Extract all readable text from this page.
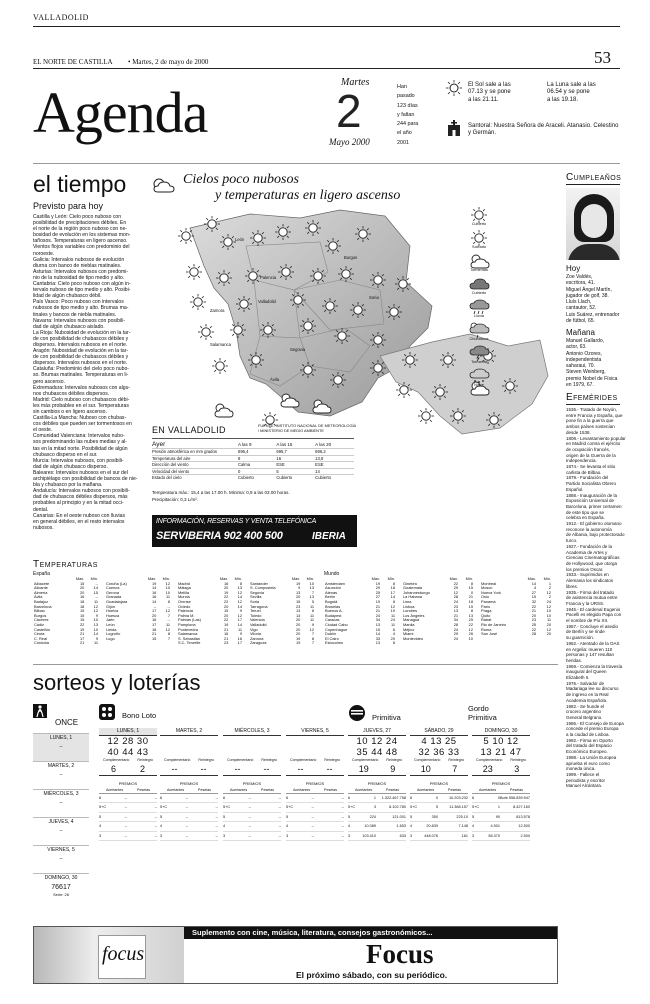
VALLADOLID
EL NORTE DE CASTILLA • Martes, 2 de mayo de 2000	53
Agenda	Martes
2
Mayo 2000
Han
pasado
123 días
y faltan
244 para
el año
2001
El Sol sale a las
07.13 y se pone
a las 21.11.
La Luna sale a las
06.54 y se pone
a las 19.18.
Santoral: Nuestra Señora de Araceli. Atanasio. Celestino
y Germán.
el tiempo
Previsto para hoy
Castilla y León: Cielo poco nuboso con
posibilidad de precipitaciones débiles. En
el norte de la región poco nuboso con ne-
bosidad de evolución en los sistemas mon-
tañosos. Temperaturas en ligero ascenso.
Vientos flojos variables con predominio del
noroeste.
Galicia: Intervalos nubosos de evolución
diurna con banco de nieblas matinales.
Asturias: Intervalos nubosos con predomi-
nio de la nubosidad de tipo medio y alto.
Cantabria: Cielo poco nuboso con algún in-
tervalo nuboso de tipo medio y alto. Posibi-
lidad de algún chubasco débil.
País Vasco: Poco nuboso con intervalos
nubosos de tipo medio y alto. Brumas ma-
tinales y bancos de niebla matinales.
Navarra: Intervalos nubosos con posibili-
dad de algún chubasco aislado.
La Rioja: Nubosidad de evolución en la tar-
de con posibilidad de chubascos débiles y
dispersos. Intervalos nubosos en el norte.
Aragón: Nubosidad de evolución en la tar-
de con posibilidad de chubascos débiles y
dispersos. Intervalos nubosos en el norte.
Cataluña: Predominio del cielo poco nubo-
so. Brumas matinales. Temperaturas en li-
gero ascenso.
Extremadura: Intervalos nubosos con algu-
nos chubascos débiles dispersos.
Madrid: Cielo nuboso con chubascos débi-
les más probables en el sur. Temperaturas
sin cambios o en ligero ascenso.
Castilla-La Mancha: Nuboso con chubas-
cos débiles que pueden ser tormentosos en
el oeste.
Comunidad Valenciana: Intervalos nubo-
sos predominando las nubes medias y al-
tas en la mitad norte. Posibilidad de algún
chubasco disperso en el sur.
Murcia: Intervalos nubosos, con posibili-
dad de algún chubasco disperso.
Baleares: Intervalos nubosos en el sur del
archipiélago con posibilidad de bancos de nie-
bla y chubasco por la mañana.
Andalucía: Intervalos nubosos con posibili-
dad de chubascos débiles dispersos, más
probables al principio y en la mitad occi-
dental.
Canarias: En el oeste nuboso con lluvias
en general débiles, en el resto intervalos
nubosos.
Cielos poco nubosos
y temperaturas en ligero ascenso
León
Burgos
Palencia
Soria
Valladolid
Zamora
Salamanca
Segovia
Ávila
Cubierto
Soleado
Tormentas
Cubierto
Lluvia
Chubascos
Tormenta
Nieve
EN VALLADOLID	FUENTE: INSTITUTO NACIONAL DE METEOROLOGÍA / MINISTERIO DE MEDIO AMBIENTE
Ayer	A las 9	A las 15	A las 20
Presión atmosférica en mm grados	696,4	695,7	696,2
Temperatura del aire	8	16	13,8
Dirección del viento	Calma	ESE	ESE
Velocidad del viento	0	5	14
Estado del cielo	Cubierto	Cubierto	Cubierto
Temperatura máx.: 15,4 a las 17.00 h. Mínima: 0,9 a las 03.00 horas.
Precipitación: 0,3 L/m².
INFORMACIÓN, RESERVAS Y VENTA TELEFÓNICA
SERVIBERIA 902 400 500	IBERIA
Temperaturas
España	Mundo
	Max.	Min.
Albacete	15	--
Alicante	20	14
Almería	20	15
Ávila	16	--
Badajoz	18	11
Barcelona	18	12
Bilbao	19	12
Burgos	15	9
Cáceres	15	10
Cádiz	22	13
Castellón	19	10
Ceuta	21	14
C. Real	17	9
Córdoba	21	11
	Max.	Min.
Coruña (La)	19	12
Cuenca	14	10
Gerona	16	10
Granada	16	11
Guadalajara	14	8
Gijón	--	--
Huelva	17	12
Huesca	20	7
Jaén	16	--
León	17	11
Lleida	18	12
Logroño	21	8
Lugo	15	7
	Max.	Min.
Madrid	16	8
Málaga	20	13
Melilla	19	12
Murcia	22	14
Orense	22	12
Oviedo	20	14
Palencia	15	9
Palma M.	20	12
Palmas (Las)	22	17
Pamplona	19	14
Pontevedra	21	11
Salamanca	16	9
S. Sebastián	21	16
S.C. Tenerife	23	17
	Max.	Min.
Santander	19	10
S. Compostela	9	13
Segovia	13	7
Sevilla	20	13
Soria	15	5
Tarragona	23	11
Teruel	13	8
Toledo	13	11
Valencia	20	11
Valladolid	20	9
Vigo	20	12
Vitoria	20	7
Zamora	19	8
Zaragoza	19	7
	Max.	Min.
Amsterdam	19	8
Asunción	29	18
Atenas	25	17
Berlín	27	14
Bogotá	19	8
Bruselas	21	12
Buenos A.	21	10
Budapest	24	11
Caracas	34	24
Ciudad Cabo	13	11
Copenhague	15	6
Dublín	14	4
El Cairo	33	20
Estocolmo	13	8
	Max.	Min.
Ginebra	22	8
Guatemala	29	15
Johannesburgo	12	0
La Habana	28	21
Lima	24	18
Lisboa	23	15
Londres	13	8
Los Ángeles	21	13
Managua	34	25
Manila	28	22
Méjico	24	12
Miami	29	26
Montevideo	24	10
	Max.	Min.
Montreal	14	1
Moscú	4	2
Nueva York	27	12
Oslo	15	2
Panamá	32	24
París	22	12
Praga	21	10
Quito	20	10
Rabat	23	11
Rio de Janeiro	25	20
Roma	22	12
San José	28	20
Cumpleaños
Hoy
Zoe Valdés,
escritora, 41.
Miguel Ángel Martín,
jugador de golf, 38.
Lluís Llach,
cantautor, 52.
Luis Suárez, entrenador
de fútbol, 65.
Mañana
Manuel Gallardo,
actor, 63.
Antonio Ozores,
independentista
saharaui, 70.
Steven Weinberg,
premio Nobel de Física
en 1979, 67.
Efemérides
1536.- Tratado de Noyón,
entre Francia y España, que
pone fin a la guerra que
ambos países sostenían
desde 1538.
1808.- Levantamiento popular
en Madrid contra el ejército
de ocupación francés,
origen de la Guerra de la
Independencia.
1874.- Se levanta el sitio
carlista de Bilbao.
1879.- Fundación del
Partido Socialista Obrero
Español.
1888.- Inauguración de la
Exposición Universal de
Barcelona, primer certamen
de este tipo que se
celebra en España.
1912.- El gobierno otomano
reconoce la autonomía
de Albania, bajo protectorado turco.
1927.- Fundación de la
Academia de Artes y
Ciencias Cinematográficas
de Hollywood, que otorga
los premios Oscar.
1933.- Suprimidos en
Alemania los sindicatos
libres.
1935.- Firma del tratado
de asistencia mutua entre
Francia y la URSS.
1945.- El cardenal Eugenio
Pacelli es elegido Papa con
el nombre de Pío XII.
1957.- Concluye el asedio
de Berlín y se rinde
su guarnición.
1962.- Atentado de la OAS
en Argelia: mueren 110
personas y 147 resultan
heridas.
1969.- Comienza la travesía
inaugural del Queen
Elizabeth II.
1976.- Salvador de
Madariaga lee su discurso
de ingreso en la Real
Academia Española.
1982.- Se hunde el
crucero argentino
General Belgrano.
1986.- El Consejo de Europa
concede el premio Europa
a la ciudad de Lisboa.
1992.- Firma en Oporto
del tratado del Espacio
Económico Europeo.
1998.- La Unión Europea
aprueba el euro como
moneda única.
1999.- Fallece el
periodista y escritor
Manuel Alcántara.
sorteos y loterías
ONCE
LUNES, 1
--
MARTES, 2
--
MIÉRCOLES, 3
--
JUEVES, 4
--
VIERNES, 5
--
DOMINGO, 30
76617
Serie: 26
Bono Loto	Primitiva
Gordo Primitiva
LUNES, 1
12 28 30
40 44 43
Complementario Reintegro
6	2
PREMIOS
Acertantes	Pesetas
6	--	--
5+C	--	--
5	--	--
4	--	--
3	--	--
MARTES, 2
Complementario Reintegro
--	--
PREMIOS
Acertantes	Pesetas
6	--	--
5+C	--	--
5	--	--
4	--	--
3	--	--
MIÉRCOLES, 3
Complementario Reintegro
--	--
PREMIOS
Acertantes	Pesetas
6	--	--
5+C	--	--
5	--	--
4	--	--
3	--	--
VIERNES, 5
Complementario Reintegro
--	--
PREMIOS
Acertantes	Pesetas
6	--	--
5+C	--	--
5	--	--
4	--	--
3	--	--
JUEVES, 27
10 12 24
35 44 48
Complementario Reintegro
19 9
PREMIOS
Acertantes	Pesetas
6	1	1.322.467.758
5+C	3	8.102.780
5	224	121.001
4	10.089	1.653
3	103.410	633
SÁBADO, 29
4 13 25
32 36 33
Complementario Reintegro
10 7
PREMIOS
Acertantes	Pesetas
6	0	10.203.232
5+C	5	11.368.157
5	350	225.10
4	20.839	7.148
3	448.076	161
DOMINGO, 30
5 10 12
13 21 47
Complementario Reintegro
23 3
PREMIOS
Acertantes	Pesetas
6	0 Bote 556.839.947
5+C	1	8.427.160
5	90	813.578
4	4.501	12.500
3	58.370	2.500
focus
Suplemento con cine, música, literatura, consejos gastronómicos...
Focus
El próximo sábado, con su periódico.
